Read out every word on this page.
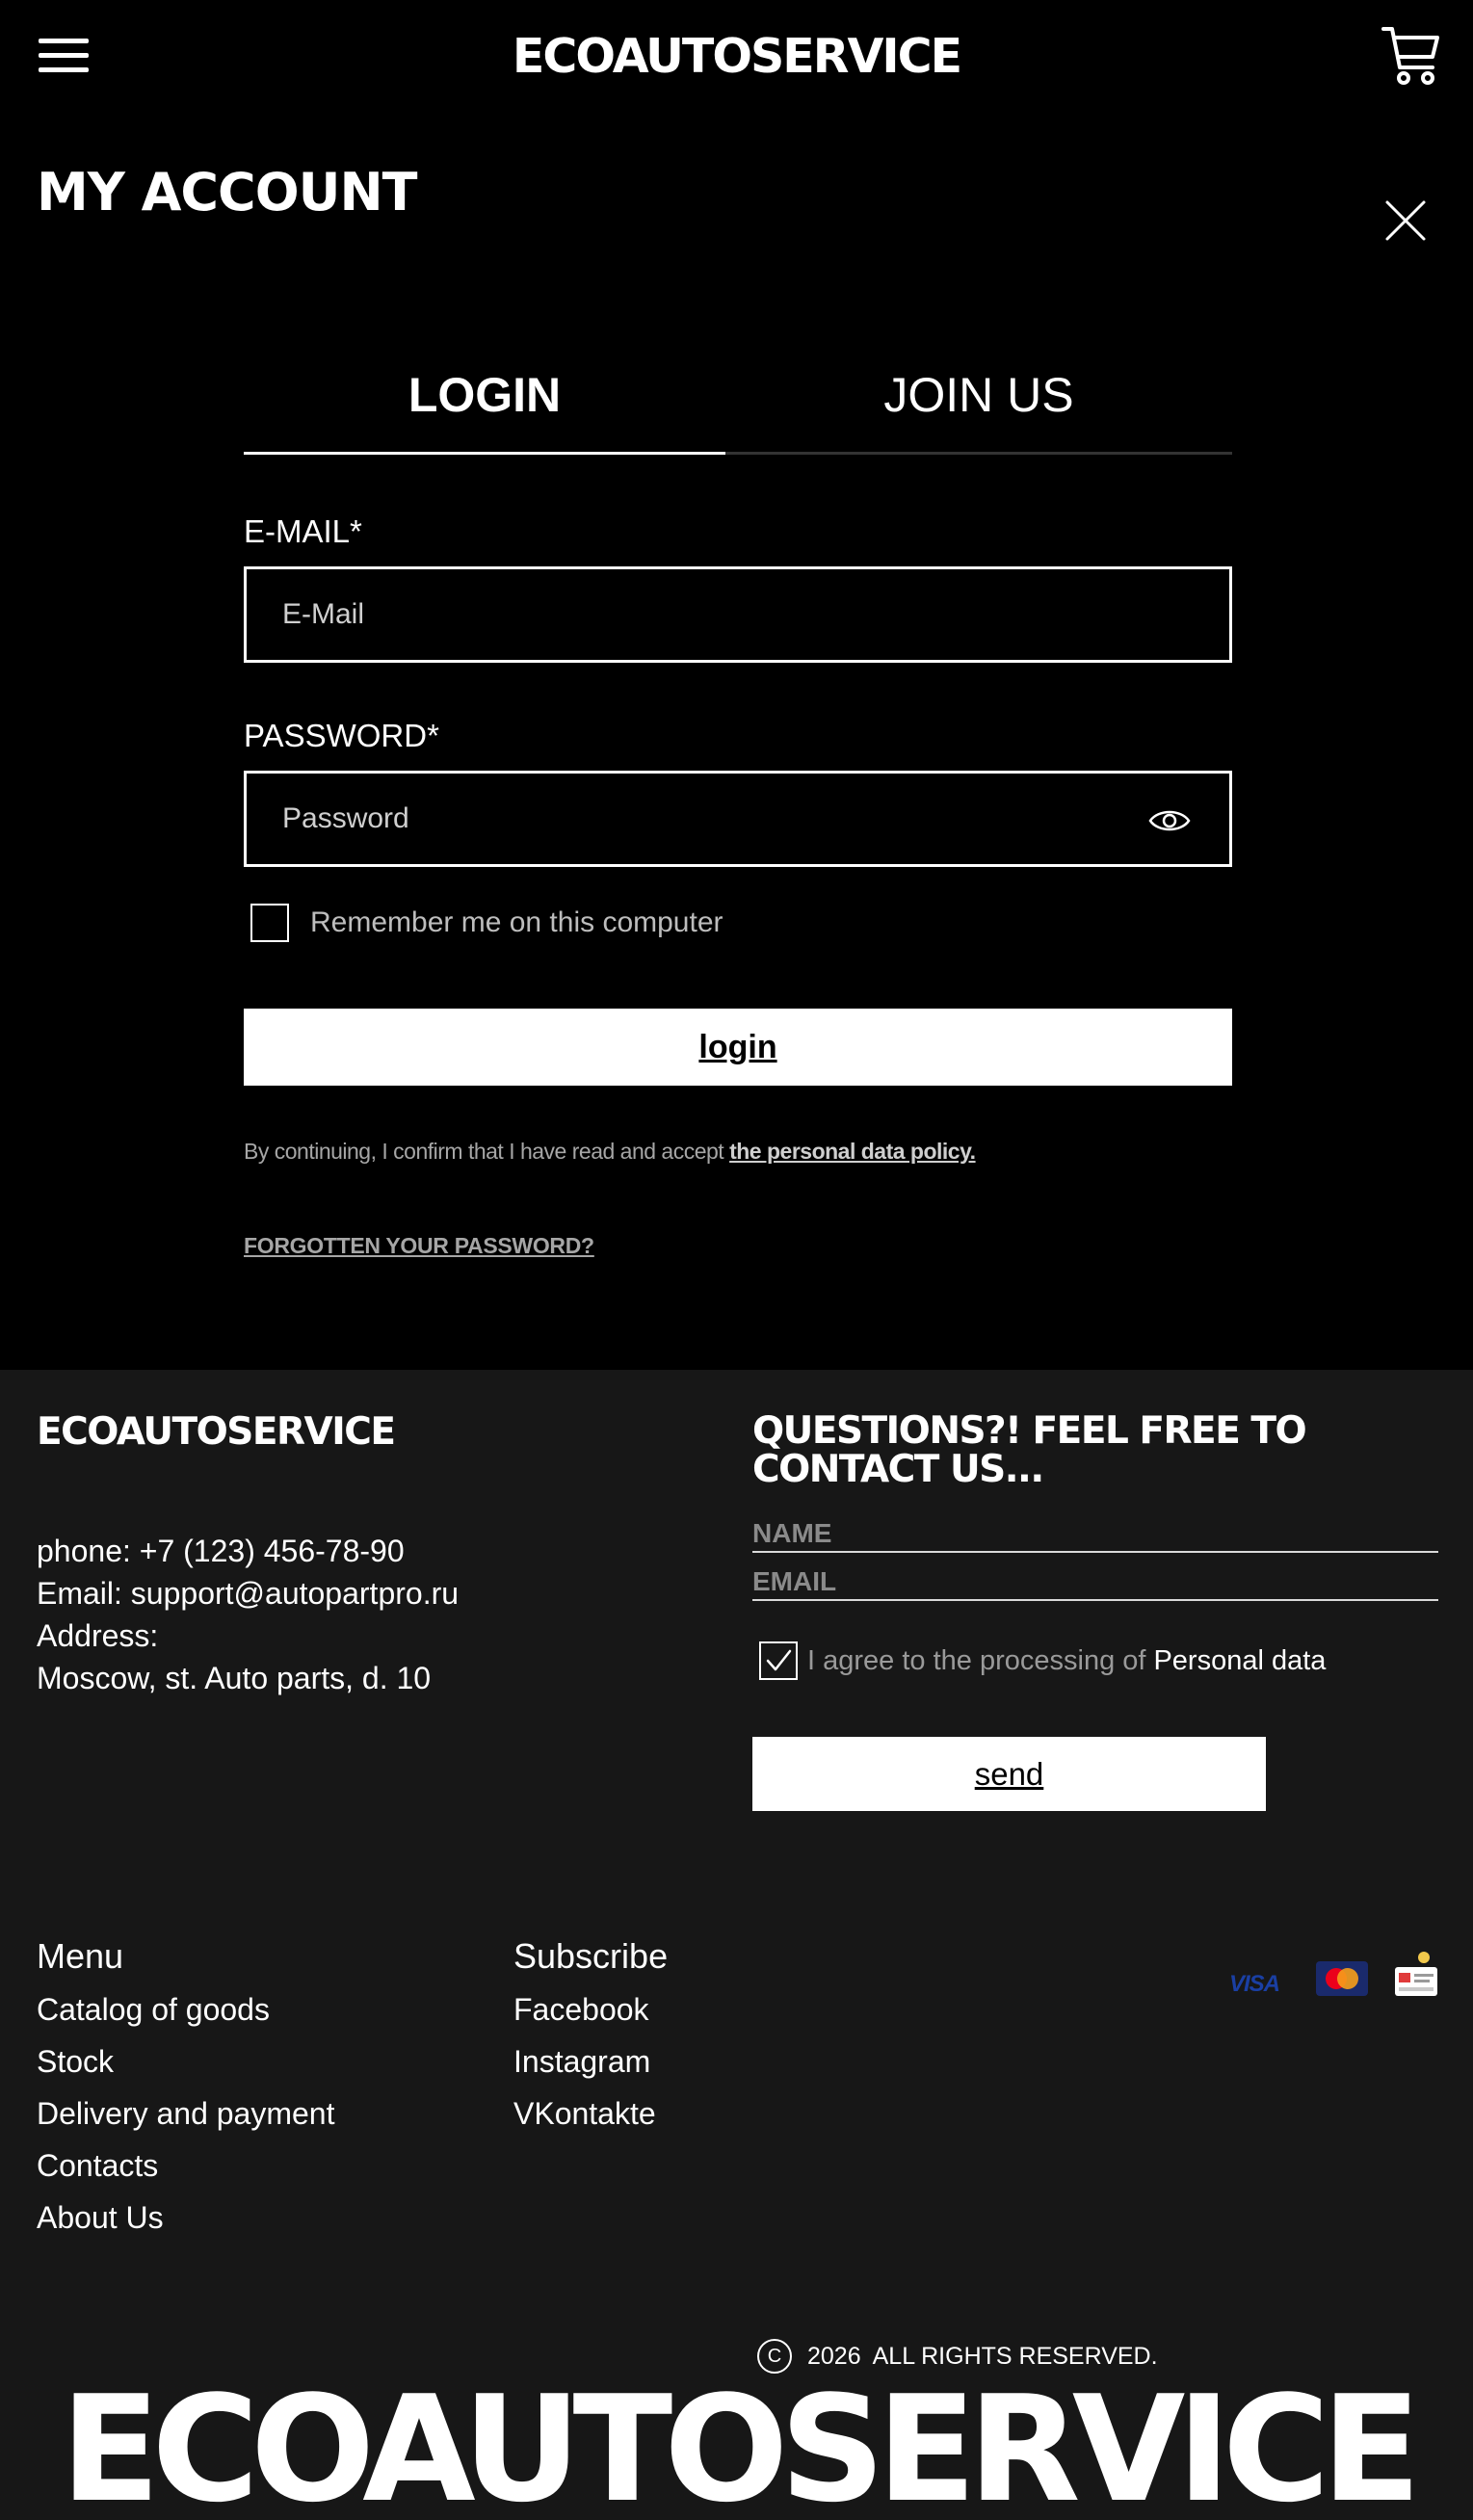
ECOAUTOSERVICE
MY ACCOUNT
LOGIN	JOIN US
E-MAIL*
E-Mail
PASSWORD*
Remember me on this computer
login
By continuing, I confirm that I have read and accept the personal data policy.
FORGOTTEN YOUR PASSWORD?
ECOAUTOSERVICE
phone: +7 (123) 456-78-90
Email: support@autopartpro.ru
Address:
Moscow, st. Auto parts, d. 10
QUESTIONS?! FEEL FREE TO CONTACT US...
NAME
EMAIL
I agree to the processing of Personal data
send
Menu
Catalog of goods
Stock
Delivery and payment
Contacts
About Us
Subscribe
Facebook
Instagram
VKontakte
VISA
C	2026 ALL RIGHTS RESERVED.
ECOAUTOSERVICE
